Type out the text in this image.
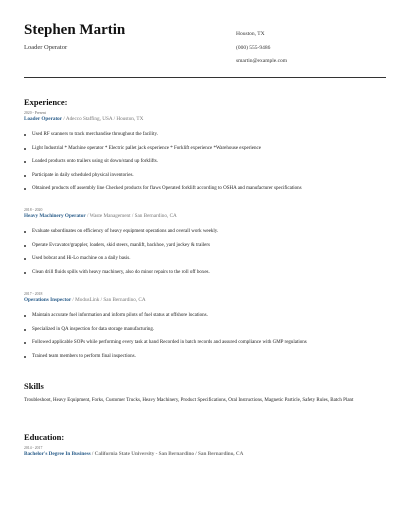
Stephen Martin
Loader Operator
Houston, TX
(000) 555-9486
smartin@example.com
Experience:
2020 - Present
Loader Operator / Adecco Staffing, USA / Houston, TX
Used RF scanners to track merchandise throughout the facility.
Light Industrial * Machine operator * Electric pallet jack experience * Forklift experience *Warehouse experience
Loaded products onto trailers using sit down/stand up forklifts.
Participate in daily scheduled physical inventories.
Obtained products off assembly line Checked products for flaws Operated forklift according to OSHA and manufacturer specifications
2018 - 2020
Heavy Machinery Operator / Waste Management / San Bernardino, CA
Evaluate subordinates on efficiency of heavy equipment operations and overall work weekly.
Operate Evcavator/grappler, loaders, skid steers, manlift, backhoe, yard jockey & trailers
Used bobcat and Hi-Lo machine on a daily basis.
Clean drill fluids spills with heavy machinery, also do minor repairs to the roll off boxes.
2017 - 2018
Operations Inspector / ModusLink / San Bernardino, CA
Maintain accurate fuel information and inform pilots of fuel status at offshore locations.
Specialized in QA inspection for data storage manufacturing.
Followed applicable SOPs while performing every task at hand Recorded in batch records and assured compliance with GMP regulations
Trained team members to perform final inspections.
Skills
Troubleshoot, Heavy Equipment, Forks, Customer Trucks, Heavy Machinery, Product Specifications, Oral Instructions, Magnetic Particle, Safety Rules, Batch Plant
Education:
2014 - 2017
Bachelor's Degree In Business / California State University - San Bernardino / San Bernardino, CA
